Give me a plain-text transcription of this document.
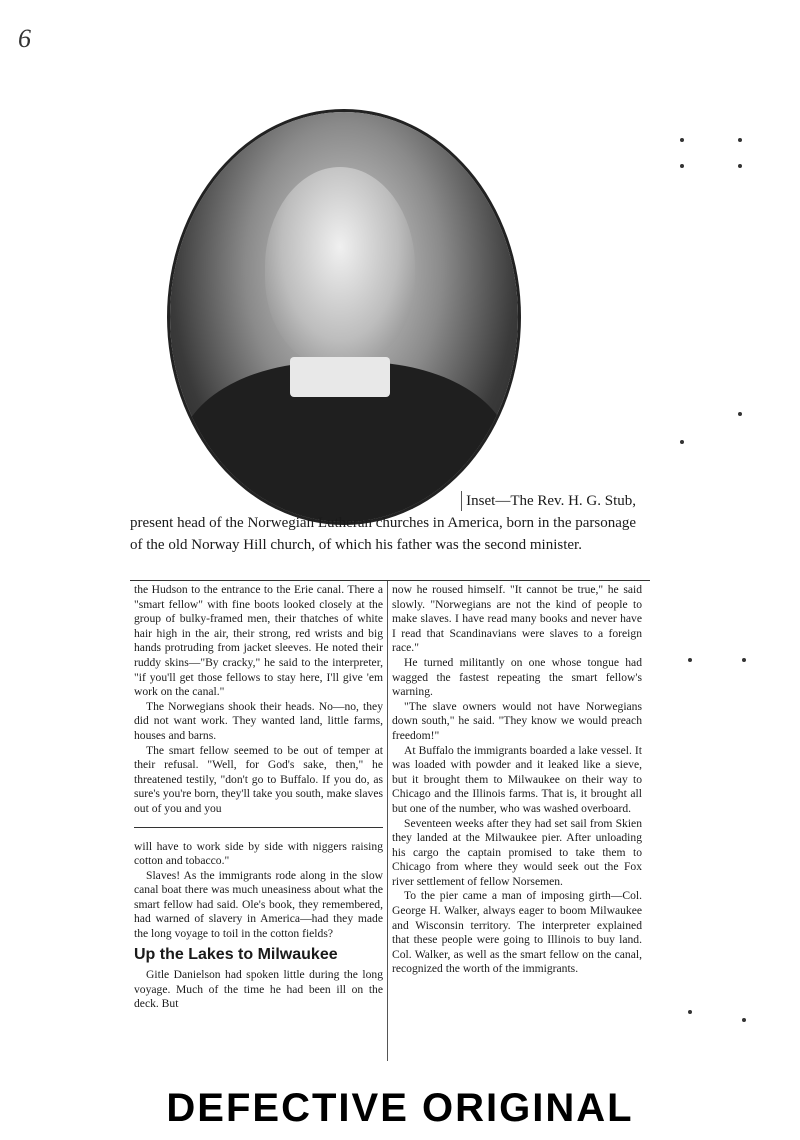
6
Inset—The Rev. H. G. Stub,
present head of the Norwegian Lutheran churches in America, born in the parsonage of the old Norway Hill church, of which his father was the second minister.

the Hudson to the entrance to the Erie canal. There a "smart fellow" with fine boots looked closely at the group of bulky-framed men, their thatches of white hair high in the air, their strong, red wrists and big hands protruding from jacket sleeves. He noted their ruddy skins—"By cracky," he said to the interpreter, "if you'll get those fellows to stay here, I'll give 'em work on the canal."

The Norwegians shook their heads. No—no, they did not want work. They wanted land, little farms, houses and barns.

The smart fellow seemed to be out of temper at their refusal. "Well, for God's sake, then," he threatened testily, "don't go to Buffalo. If you do, as sure's you're born, they'll take you south, make slaves out of you and you

will have to work side by side with niggers raising cotton and tobacco."

Slaves! As the immigrants rode along in the slow canal boat there was much uneasiness about what the smart fellow had said. Ole's book, they remembered, had warned of slavery in America—had they made the long voyage to toil in the cotton fields?

Up the Lakes to Milwaukee

Gitle Danielson had spoken little during the long voyage. Much of the time he had been ill on the deck. But

now he roused himself. "It cannot be true," he said slowly. "Norwegians are not the kind of people to make slaves. I have read many books and never have I read that Scandinavians were slaves to a foreign race."

He turned militantly on one whose tongue had wagged the fastest repeating the smart fellow's warning.

"The slave owners would not have Norwegians down south," he said. "They know we would preach freedom!"

At Buffalo the immigrants boarded a lake vessel. It was loaded with powder and it leaked like a sieve, but it brought them to Milwaukee on their way to Chicago and the Illinois farms. That is, it brought all but one of the number, who was washed overboard.

Seventeen weeks after they had set sail from Skien they landed at the Milwaukee pier. After unloading his cargo the captain promised to take them to Chicago from where they would seek out the Fox river settlement of fellow Norsemen.

To the pier came a man of imposing girth—Col. George H. Walker, always eager to boom Milwaukee and Wisconsin territory. The interpreter explained that these people were going to Illinois to buy land. Col. Walker, as well as the smart fellow on the canal, recognized the worth of the immigrants.

DEFECTIVE ORIGINAL
